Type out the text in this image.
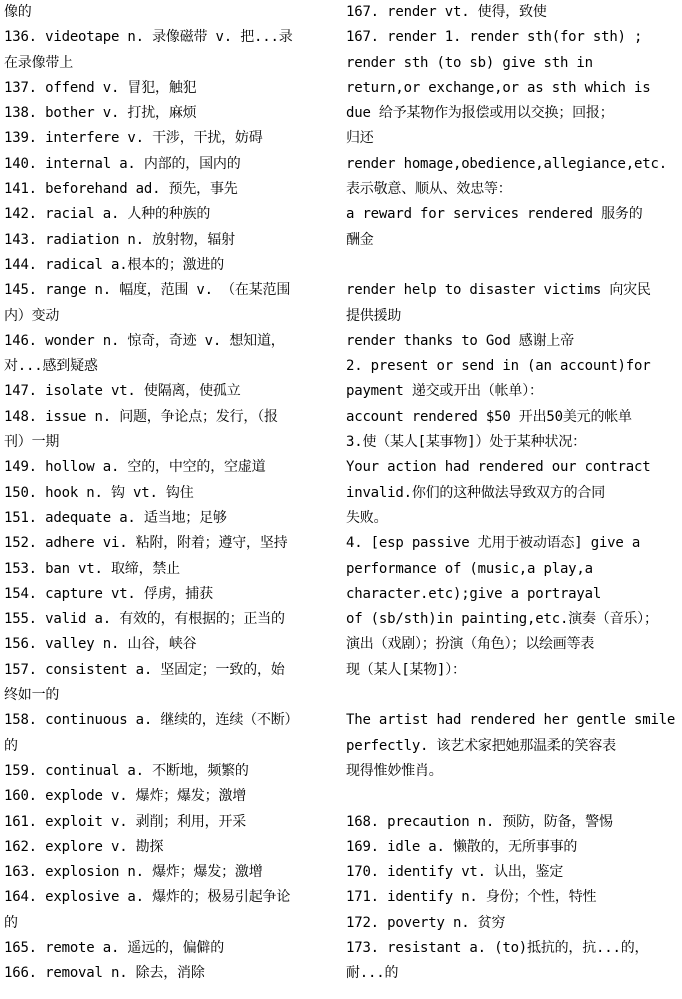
像的
136. videotape n. 录像磁带 v. 把...录
在录像带上
137. offend v. 冒犯，触犯
138. bother v. 打扰，麻烦
139. interfere v. 干涉，干扰，妨碍
140. internal a. 内部的，国内的
141. beforehand ad. 预先，事先
142. racial a. 人种的种族的
143. radiation n. 放射物，辐射
144. radical a.根本的；激进的
145. range n. 幅度，范围 v. （在某范围
内）变动
146. wonder n. 惊奇，奇迹 v. 想知道，
对...感到疑惑
147. isolate vt. 使隔离，使孤立
148. issue n. 问题，争论点；发行，（报
刊）一期
149. hollow a. 空的，中空的，空虚道
150. hook n. 钩 vt. 钩住
151. adequate a. 适当地；足够
152. adhere vi. 粘附，附着；遵守，坚持
153. ban vt. 取缔，禁止
154. capture vt. 俘虏，捕获
155. valid a. 有效的，有根据的；正当的
156. valley n. 山谷，峡谷
157. consistent a. 坚固定；一致的，始
终如一的
158. continuous a. 继续的，连续（不断）
的
159. continual a. 不断地，频繁的
160. explode v. 爆炸；爆发；激增
161. exploit v. 剥削；利用，开采
162. explore v. 勘探
163. explosion n. 爆炸；爆发；激增
164. explosive a. 爆炸的；极易引起争论
的
165. remote a. 遥远的，偏僻的
166. removal n. 除去，消除
167. render vt. 使得，致使
167. render 1. render sth(for sth) ;
render sth (to sb) give sth in
return,or exchange,or as sth which is
due 给予某物作为报偿或用以交换；回报；
归还
render homage,obedience,allegiance,etc.
表示敬意、顺从、效忠等：
a reward for services rendered 服务的
酬金
render help to disaster victims 向灾民
提供援助
render thanks to God 感谢上帝
2. present or send in (an account)for
payment 递交或开出（帐单）：
account rendered $50 开出50美元的帐单
3.使（某人[某事物]）处于某种状况：
Your action had rendered our contract
invalid.你们的这种做法导致双方的合同
失败。
4. [esp passive 尤用于被动语态] give a
performance of (music,a play,a
character.etc);give a portrayal
of (sb/sth)in painting,etc.演奏（音乐）；
演出（戏剧）；扮演（角色）；以绘画等表
现（某人[某物]）：
The artist had rendered her gentle smile
perfectly. 该艺术家把她那温柔的笑容表
现得惟妙惟肖。
168. precaution n. 预防，防备，警惕
169. idle a. 懒散的，无所事事的
170. identify vt. 认出，鉴定
171. identify n. 身份；个性，特性
172. poverty n. 贫穷
173. resistant a. (to)抵抗的，抗...的，
耐...的
